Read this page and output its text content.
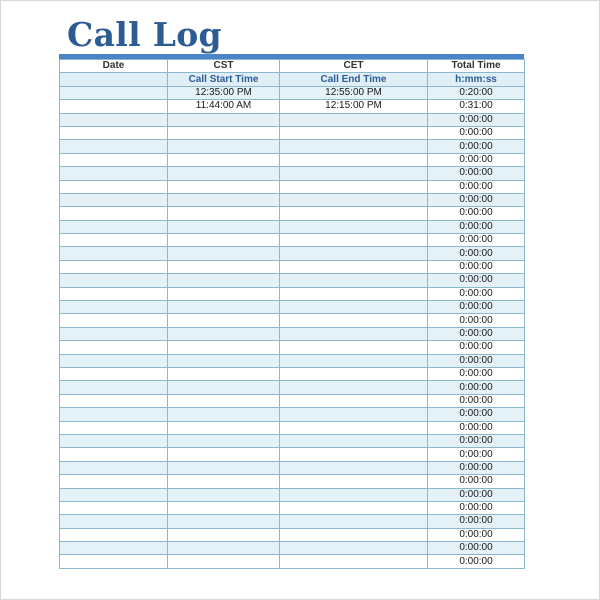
Call Log
Date	CST	CET	Total Time
	Call Start Time	Call End Time	h:mm:ss
	12:35:00 PM	12:55:00 PM	0:20:00
	11:44:00 AM	12:15:00 PM	0:31:00
			0:00:00
			0:00:00
			0:00:00
			0:00:00
			0:00:00
			0:00:00
			0:00:00
			0:00:00
			0:00:00
			0:00:00
			0:00:00
			0:00:00
			0:00:00
			0:00:00
			0:00:00
			0:00:00
			0:00:00
			0:00:00
			0:00:00
			0:00:00
			0:00:00
			0:00:00
			0:00:00
			0:00:00
			0:00:00
			0:00:00
			0:00:00
			0:00:00
			0:00:00
			0:00:00
			0:00:00
			0:00:00
			0:00:00
			0:00:00
